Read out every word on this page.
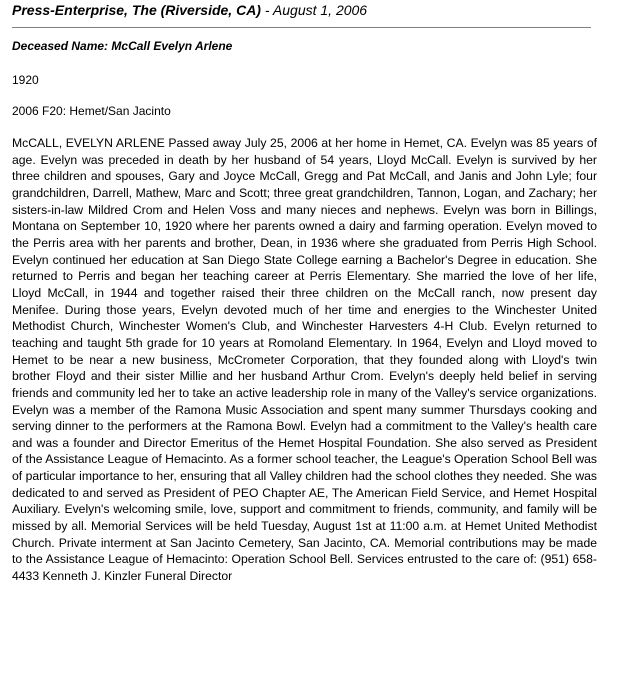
Press-Enterprise, The (Riverside, CA) - August 1, 2006
Deceased Name: McCall Evelyn Arlene
1920
2006 F20: Hemet/San Jacinto
McCALL, EVELYN ARLENE Passed away July 25, 2006 at her home in Hemet, CA. Evelyn was 85 years of age. Evelyn was preceded in death by her husband of 54 years, Lloyd McCall. Evelyn is survived by her three children and spouses, Gary and Joyce McCall, Gregg and Pat McCall, and Janis and John Lyle; four grandchildren, Darrell, Mathew, Marc and Scott; three great grandchildren, Tannon, Logan, and Zachary; her sisters-in-law Mildred Crom and Helen Voss and many nieces and nephews. Evelyn was born in Billings, Montana on September 10, 1920 where her parents owned a dairy and farming operation. Evelyn moved to the Perris area with her parents and brother, Dean, in 1936 where she graduated from Perris High School. Evelyn continued her education at San Diego State College earning a Bachelor's Degree in education. She returned to Perris and began her teaching career at Perris Elementary. She married the love of her life, Lloyd McCall, in 1944 and together raised their three children on the McCall ranch, now present day Menifee. During those years, Evelyn devoted much of her time and energies to the Winchester United Methodist Church, Winchester Women's Club, and Winchester Harvesters 4-H Club. Evelyn returned to teaching and taught 5th grade for 10 years at Romoland Elementary. In 1964, Evelyn and Lloyd moved to Hemet to be near a new business, McCrometer Corporation, that they founded along with Lloyd's twin brother Floyd and their sister Millie and her husband Arthur Crom. Evelyn's deeply held belief in serving friends and community led her to take an active leadership role in many of the Valley's service organizations. Evelyn was a member of the Ramona Music Association and spent many summer Thursdays cooking and serving dinner to the performers at the Ramona Bowl. Evelyn had a commitment to the Valley's health care and was a founder and Director Emeritus of the Hemet Hospital Foundation. She also served as President of the Assistance League of Hemacinto. As a former school teacher, the League's Operation School Bell was of particular importance to her, ensuring that all Valley children had the school clothes they needed. She was dedicated to and served as President of PEO Chapter AE, The American Field Service, and Hemet Hospital Auxiliary. Evelyn's welcoming smile, love, support and commitment to friends, community, and family will be missed by all. Memorial Services will be held Tuesday, August 1st at 11:00 a.m. at Hemet United Methodist Church. Private interment at San Jacinto Cemetery, San Jacinto, CA. Memorial contributions may be made to the Assistance League of Hemacinto: Operation School Bell. Services entrusted to the care of: (951) 658-4433 Kenneth J. Kinzler Funeral Director
